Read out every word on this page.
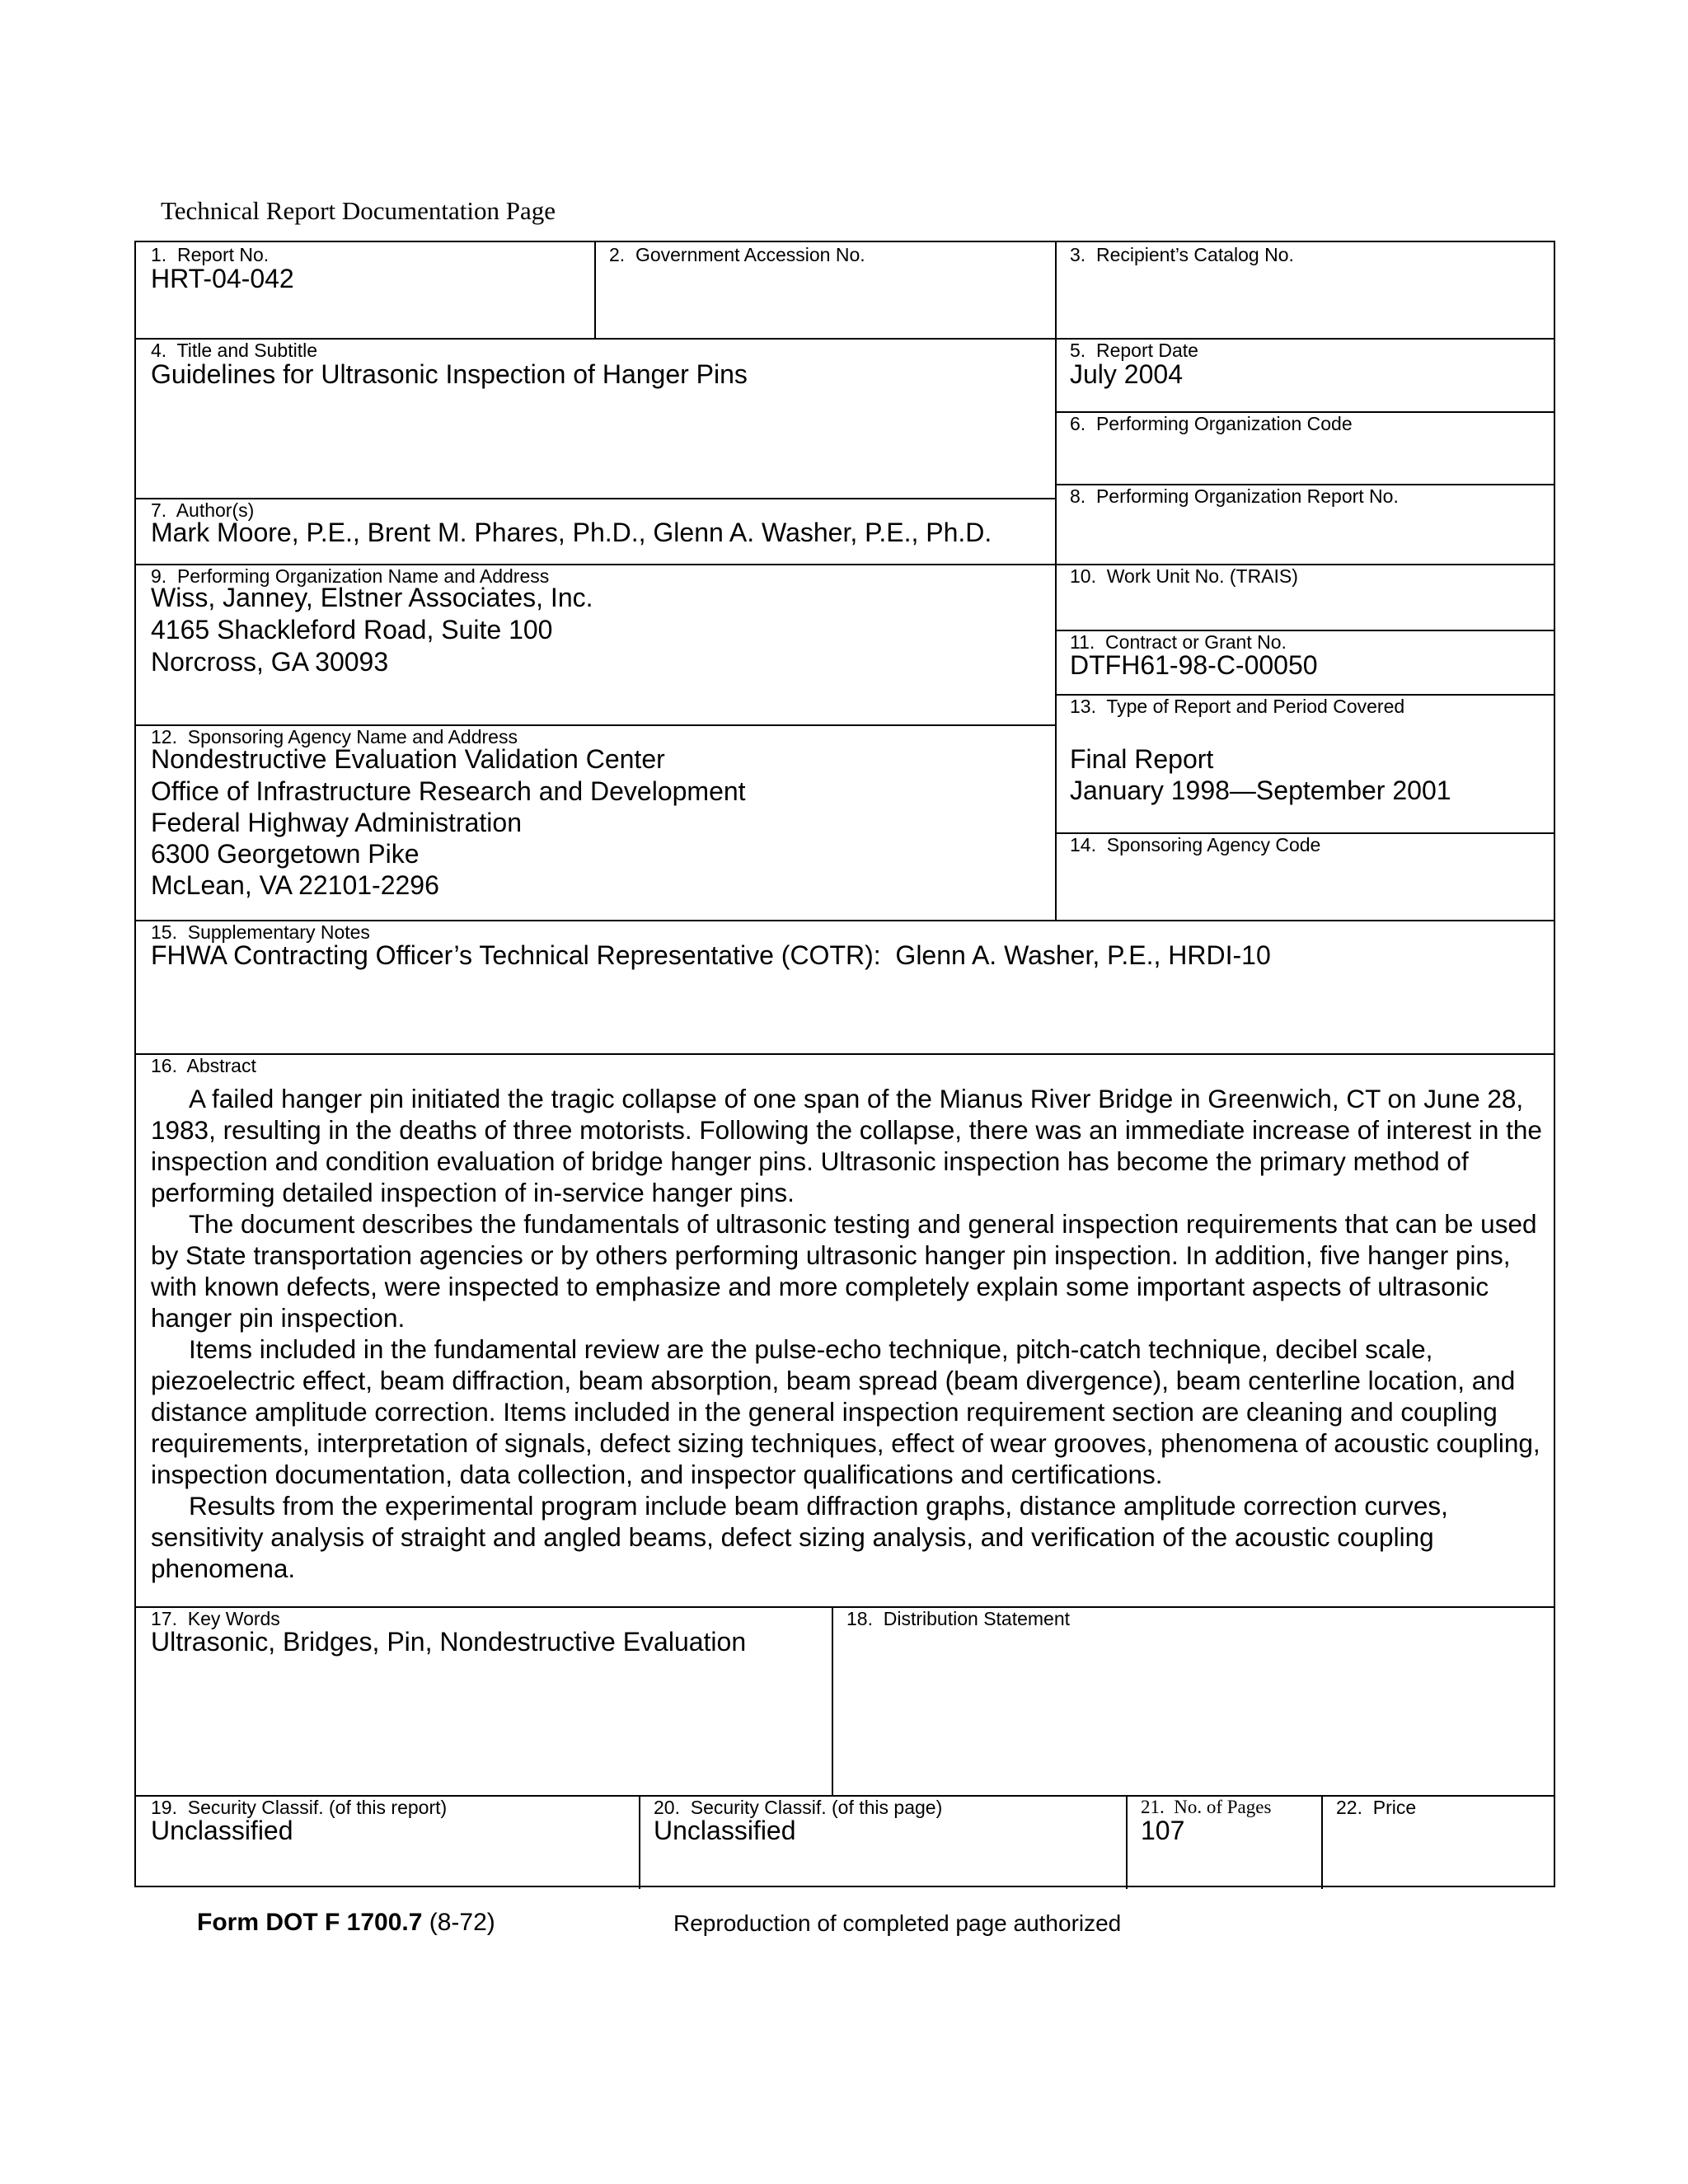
Technical Report Documentation Page
1.  Report No.
HRT-04-042
2.  Government Accession No.	3.  Recipient’s Catalog No.
4.  Title and Subtitle
Guidelines for Ultrasonic Inspection of Hanger Pins
5.  Report Date
July 2004
6.  Performing Organization Code
7.  Author(s)
Mark Moore, P.E., Brent M. Phares, Ph.D., Glenn A. Washer, P.E., Ph.D.
8.  Performing Organization Report No.
9.  Performing Organization Name and Address
Wiss, Janney, Elstner Associates, Inc.
4165 Shackleford Road, Suite 100
Norcross, GA 30093
10.  Work Unit No. (TRAIS)
11.  Contract or Grant No.
DTFH61-98-C-00050
12.  Sponsoring Agency Name and Address
Nondestructive Evaluation Validation Center
Office of Infrastructure Research and Development
Federal Highway Administration
6300 Georgetown Pike
McLean, VA 22101-2296
13.  Type of Report and Period Covered
Final Report
January 1998—September 2001
14.  Sponsoring Agency Code
15.  Supplementary Notes
FHWA Contracting Officer’s Technical Representative (COTR):  Glenn A. Washer, P.E., HRDI-10
16.  Abstract

A failed hanger pin initiated the tragic collapse of one span of the Mianus River Bridge in Greenwich, CT on June 28, 1983, resulting in the deaths of three motorists. Following the collapse, there was an immediate increase of interest in the inspection and condition evaluation of bridge hanger pins. Ultrasonic inspection has become the primary method of performing detailed inspection of in-service hanger pins.

The document describes the fundamentals of ultrasonic testing and general inspection requirements that can be used by State transportation agencies or by others performing ultrasonic hanger pin inspection. In addition, five hanger pins, with known defects, were inspected to emphasize and more completely explain some important aspects of ultrasonic hanger pin inspection.

Items included in the fundamental review are the pulse-echo technique, pitch-catch technique, decibel scale, piezoelectric effect, beam diffraction, beam absorption, beam spread (beam divergence), beam centerline location, and distance amplitude correction. Items included in the general inspection requirement section are cleaning and coupling requirements, interpretation of signals, defect sizing techniques, effect of wear grooves, phenomena of acoustic coupling, inspection documentation, data collection, and inspector qualifications and certifications.

Results from the experimental program include beam diffraction graphs, distance amplitude correction curves, sensitivity analysis of straight and angled beams, defect sizing analysis, and verification of the acoustic coupling phenomena.

17.  Key Words
Ultrasonic, Bridges, Pin, Nondestructive Evaluation
18.  Distribution Statement
19.  Security Classif. (of this report)
Unclassified
20.  Security Classif. (of this page)
Unclassified
21.  No. of Pages
107
22.  Price
Form DOT F 1700.7 (8-72)	Reproduction of completed page authorized
